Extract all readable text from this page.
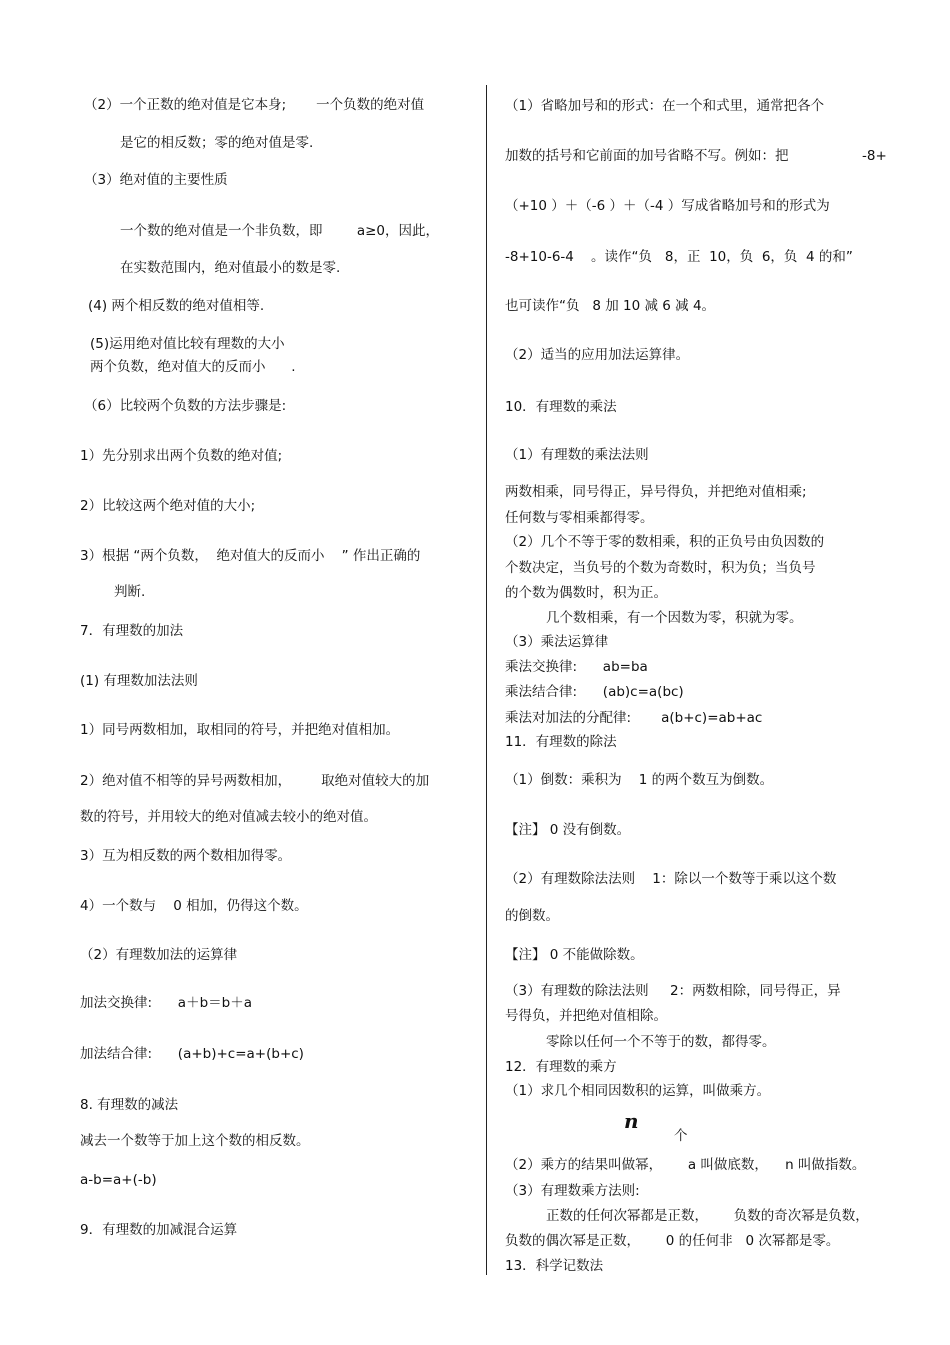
（2）一个正数的绝对值是它本身;       一个负数的绝对值
是它的相反数；零的绝对值是零.
（3）绝对值的主要性质
一个数的绝对值是一个非负数，即        a≥0，因此，
在实数范围内，绝对值最小的数是零.
(4) 两个相反数的绝对值相等.
(5)运用绝对值比较有理数的大小
两个负数，绝对值大的反而小      .
（6）比较两个负数的方法步骤是:
1）先分别求出两个负数的绝对值;
2）比较这两个绝对值的大小;
3）根据 “两个负数，  绝对值大的反而小    ” 作出正确的
判断.
7．有理数的加法
(1) 有理数加法法则
1）同号两数相加，取相同的符号，并把绝对值相加。
2）绝对值不相等的异号两数相加，       取绝对值较大的加
数的符号，并用较大的绝对值减去较小的绝对值。
3）互为相反数的两个数相加得零。
4）一个数与    0 相加，仍得这个数。
（2）有理数加法的运算律
加法交换律:      a＋b＝b＋a
加法结合律:      (a+b)+c=a+(b+c)
8. 有理数的减法
减去一个数等于加上这个数的相反数。
a-b=a+(-b)
9．有理数的加减混合运算
（1）省略加号和的形式：在一个和式里，通常把各个
加数的括号和它前面的加号省略不写。例如：把	-8+
（+10 ）＋（-6 ）＋（-4 ）写成省略加号和的形式为
-8+10-6-4    。读作“负   8，正  10，负  6，负  4 的和”
也可读作“负   8 加 10 减 6 减 4。
（2）适当的应用加法运算律。
10．有理数的乘法
（1）有理数的乘法法则
两数相乘，同号得正，异号得负，并把绝对值相乘;
任何数与零相乘都得零。
（2）几个不等于零的数相乘，积的正负号由负因数的
个数决定，当负号的个数为奇数时，积为负；当负号
的个数为偶数时，积为正。
几个数相乘，有一个因数为零，积就为零。
（3）乘法运算律
乘法交换律:      ab=ba
乘法结合律:      (ab)c=a(bc)
乘法对加法的分配律:       a(b+c)=ab+ac
11．有理数的除法
（1）倒数：乘积为    1 的两个数互为倒数。
【注】 0 没有倒数。
（2）有理数除法法则    1：除以一个数等于乘以这个数
的倒数。
【注】 0 不能做除数。
（3）有理数的除法法则     2：两数相除，同号得正，异
号得负，并把绝对值相除。
零除以任何一个不等于的数，都得零。
12．有理数的乘方
（1）求几个相同因数积的运算，叫做乘方。
n
个
（2）乘方的结果叫做幂，      a 叫做底数，    n 叫做指数。
（3）有理数乘方法则:
正数的任何次幂都是正数，      负数的奇次幂是负数，
负数的偶次幂是正数，      0 的任何非   0 次幂都是零。
13．科学记数法
